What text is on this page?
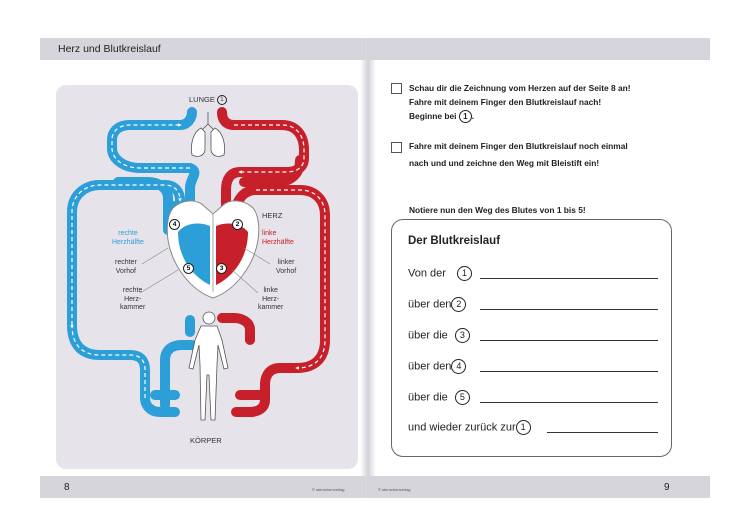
Herz und Blutkreislauf
8	9
© sternchenverlag	© sternchenverlag
LUNGE 1
HERZ
rechte
Herzhälfte
linke
Herzhälfte
rechter
Vorhof
linker
Vorhof
rechte
Herz-
kammer
linke
Herz-
kammer
KÖRPER
4	2
5	3
Schau dir die Zeichnung vom Herzen auf der Seite 8 an!
Fahre mit deinem Finger den Blutkreislauf nach!
Beginne bei 1 .
Fahre mit deinem Finger den Blutkreislauf noch einmal
nach und und zeichne den Weg mit Bleistift ein!
Notiere nun den Weg des Blutes von 1 bis 5!
Der Blutkreislauf
Von der 1
über den 2
über die 3
über den 4
über die 5
und wieder zurück zur 1
